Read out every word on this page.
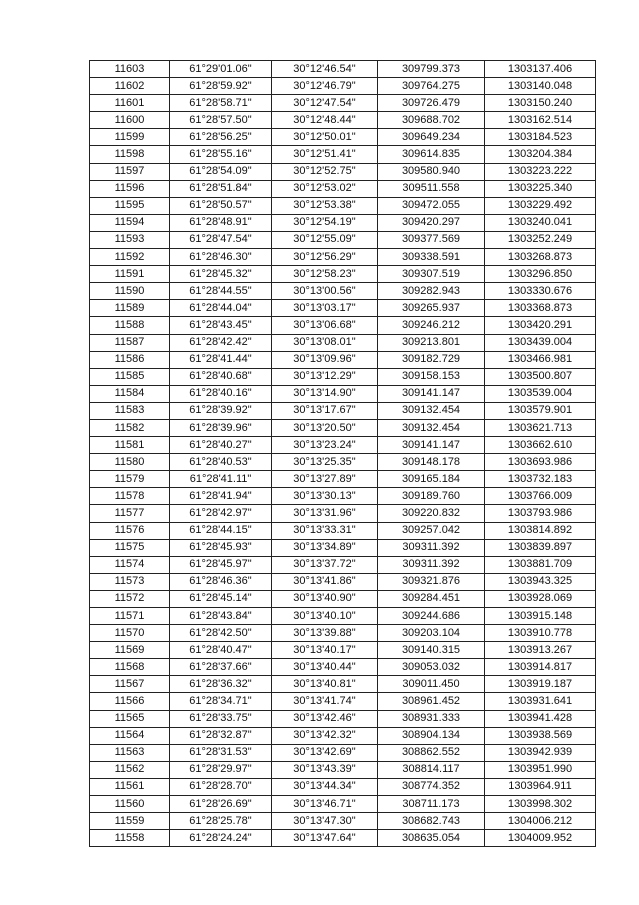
11603	61°29'01.06"	30°12'46.54"	309799.373	1303137.406
11602	61°28'59.92"	30°12'46.79"	309764.275	1303140.048
11601	61°28'58.71"	30°12'47.54"	309726.479	1303150.240
11600	61°28'57.50"	30°12'48.44"	309688.702	1303162.514
11599	61°28'56.25"	30°12'50.01"	309649.234	1303184.523
11598	61°28'55.16"	30°12'51.41"	309614.835	1303204.384
11597	61°28'54.09"	30°12'52.75"	309580.940	1303223.222
11596	61°28'51.84"	30°12'53.02"	309511.558	1303225.340
11595	61°28'50.57"	30°12'53.38"	309472.055	1303229.492
11594	61°28'48.91"	30°12'54.19"	309420.297	1303240.041
11593	61°28'47.54"	30°12'55.09"	309377.569	1303252.249
11592	61°28'46.30"	30°12'56.29"	309338.591	1303268.873
11591	61°28'45.32"	30°12'58.23"	309307.519	1303296.850
11590	61°28'44.55"	30°13'00.56"	309282.943	1303330.676
11589	61°28'44.04"	30°13'03.17"	309265.937	1303368.873
11588	61°28'43.45"	30°13'06.68"	309246.212	1303420.291
11587	61°28'42.42"	30°13'08.01"	309213.801	1303439.004
11586	61°28'41.44"	30°13'09.96"	309182.729	1303466.981
11585	61°28'40.68"	30°13'12.29"	309158.153	1303500.807
11584	61°28'40.16"	30°13'14.90"	309141.147	1303539.004
11583	61°28'39.92"	30°13'17.67"	309132.454	1303579.901
11582	61°28'39.96"	30°13'20.50"	309132.454	1303621.713
11581	61°28'40.27"	30°13'23.24"	309141.147	1303662.610
11580	61°28'40.53"	30°13'25.35"	309148.178	1303693.986
11579	61°28'41.11"	30°13'27.89"	309165.184	1303732.183
11578	61°28'41.94"	30°13'30.13"	309189.760	1303766.009
11577	61°28'42.97"	30°13'31.96"	309220.832	1303793.986
11576	61°28'44.15"	30°13'33.31"	309257.042	1303814.892
11575	61°28'45.93"	30°13'34.89"	309311.392	1303839.897
11574	61°28'45.97"	30°13'37.72"	309311.392	1303881.709
11573	61°28'46.36"	30°13'41.86"	309321.876	1303943.325
11572	61°28'45.14"	30°13'40.90"	309284.451	1303928.069
11571	61°28'43.84"	30°13'40.10"	309244.686	1303915.148
11570	61°28'42.50"	30°13'39.88"	309203.104	1303910.778
11569	61°28'40.47"	30°13'40.17"	309140.315	1303913.267
11568	61°28'37.66"	30°13'40.44"	309053.032	1303914.817
11567	61°28'36.32"	30°13'40.81"	309011.450	1303919.187
11566	61°28'34.71"	30°13'41.74"	308961.452	1303931.641
11565	61°28'33.75"	30°13'42.46"	308931.333	1303941.428
11564	61°28'32.87"	30°13'42.32"	308904.134	1303938.569
11563	61°28'31.53"	30°13'42.69"	308862.552	1303942.939
11562	61°28'29.97"	30°13'43.39"	308814.117	1303951.990
11561	61°28'28.70"	30°13'44.34"	308774.352	1303964.911
11560	61°28'26.69"	30°13'46.71"	308711.173	1303998.302
11559	61°28'25.78"	30°13'47.30"	308682.743	1304006.212
11558	61°28'24.24"	30°13'47.64"	308635.054	1304009.952
